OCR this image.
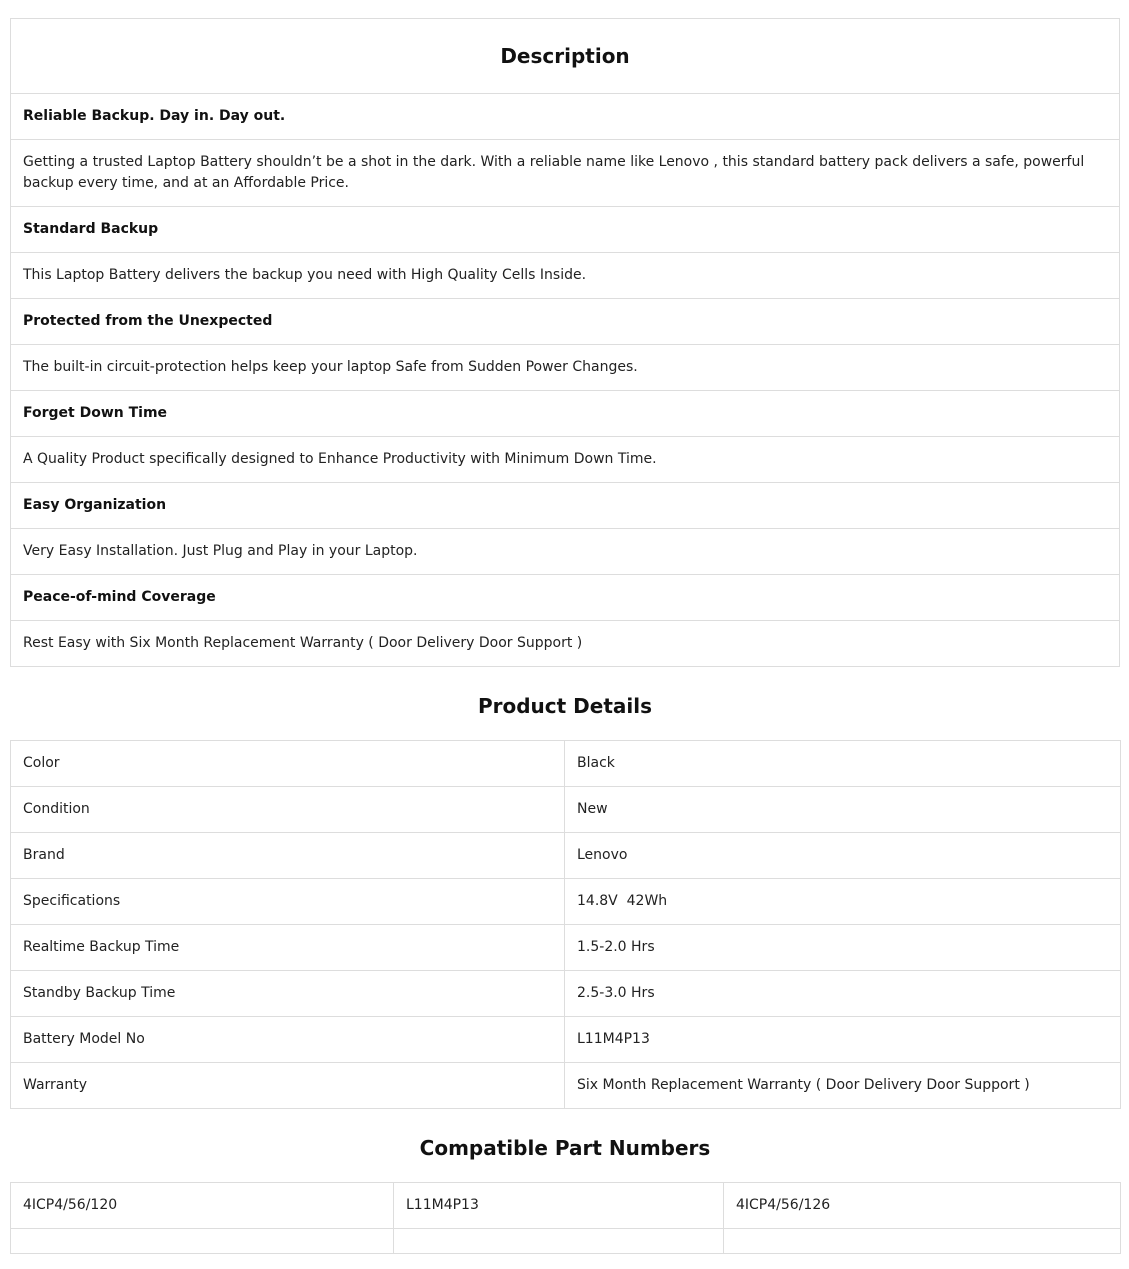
Description
Reliable Backup. Day in. Day out.
Getting a trusted Laptop Battery shouldn’t be a shot in the dark. With a reliable name like Lenovo , this standard battery pack delivers a safe, powerful backup every time, and at an Affordable Price.
Standard Backup
This Laptop Battery delivers the backup you need with High Quality Cells Inside.
Protected from the Unexpected
The built-in circuit-protection helps keep your laptop Safe from Sudden Power Changes.
Forget Down Time
A Quality Product specifically designed to Enhance Productivity with Minimum Down Time.
Easy Organization
Very Easy Installation. Just Plug and Play in your Laptop.
Peace-of-mind Coverage
Rest Easy with Six Month Replacement Warranty ( Door Delivery Door Support )
Product Details
Color	Black
Condition	New
Brand	Lenovo
Specifications	14.8V  42Wh
Realtime Backup Time	1.5-2.0 Hrs
Standby Backup Time	2.5-3.0 Hrs
Battery Model No	L11M4P13
Warranty	Six Month Replacement Warranty ( Door Delivery Door Support )
Compatible Part Numbers
4ICP4/56/120	L11M4P13	4ICP4/56/126
